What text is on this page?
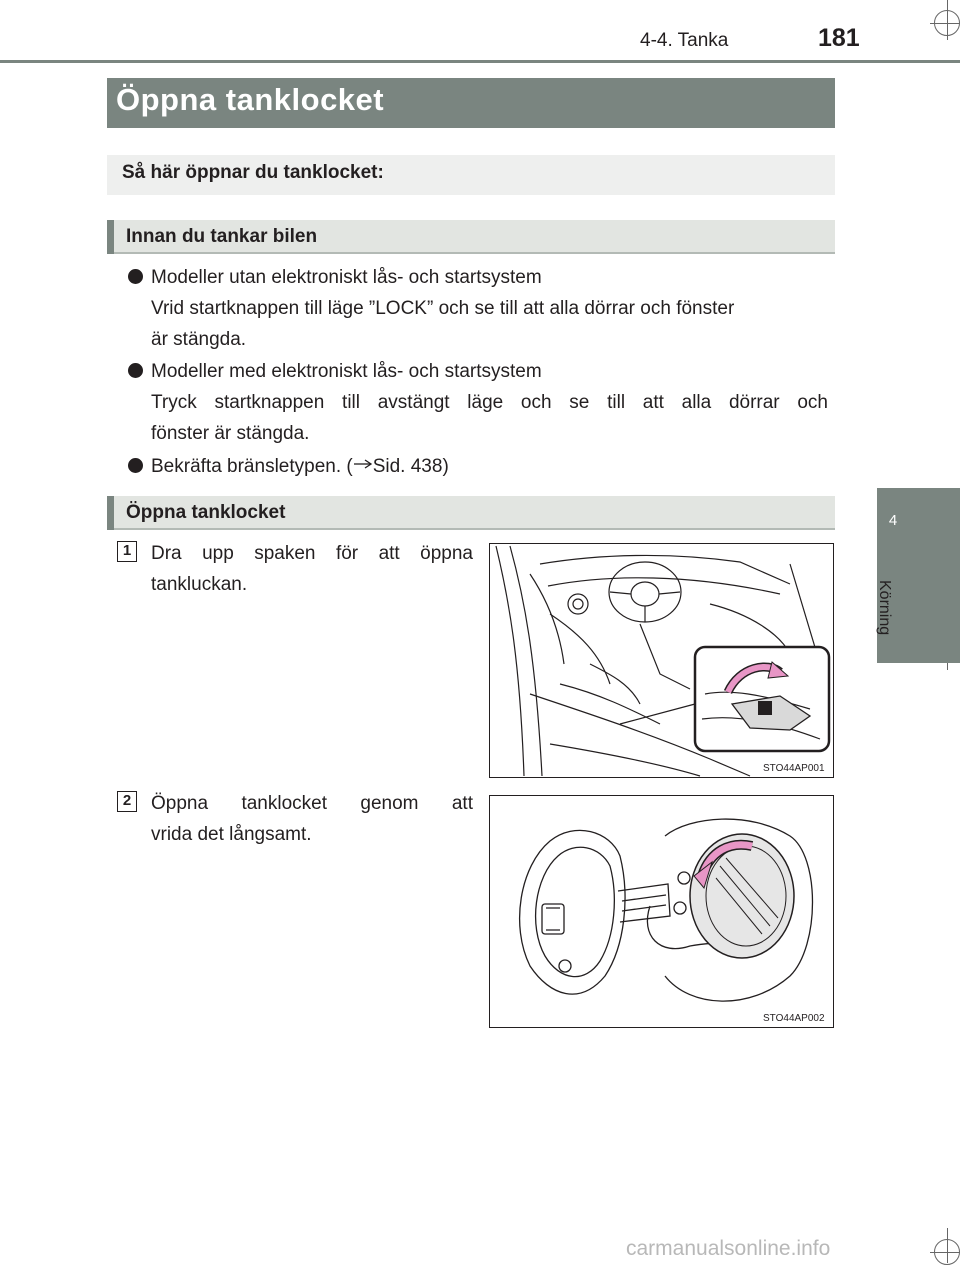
4-4. Tanka	181
4
Körning
Öppna tanklocket
Så här öppnar du tanklocket:
Innan du tankar bilen
Modeller utan elektroniskt lås- och startsystem
Vrid startknappen till läge ”LOCK” och se till att alla dörrar och fönster
är stängda.
Modeller med elektroniskt lås- och startsystem
Tryck startknappen till avstängt läge och se till att alla dörrar och
fönster är stängda.
Bekräfta bränsletypen. ( Sid. 438)
Öppna tanklocket
1	Dra upp spaken för att öppna
tankluckan.
STO44AP001
2	Öppna tanklocket genom att
vrida det långsamt.
STO44AP002
carmanualsonline.info
